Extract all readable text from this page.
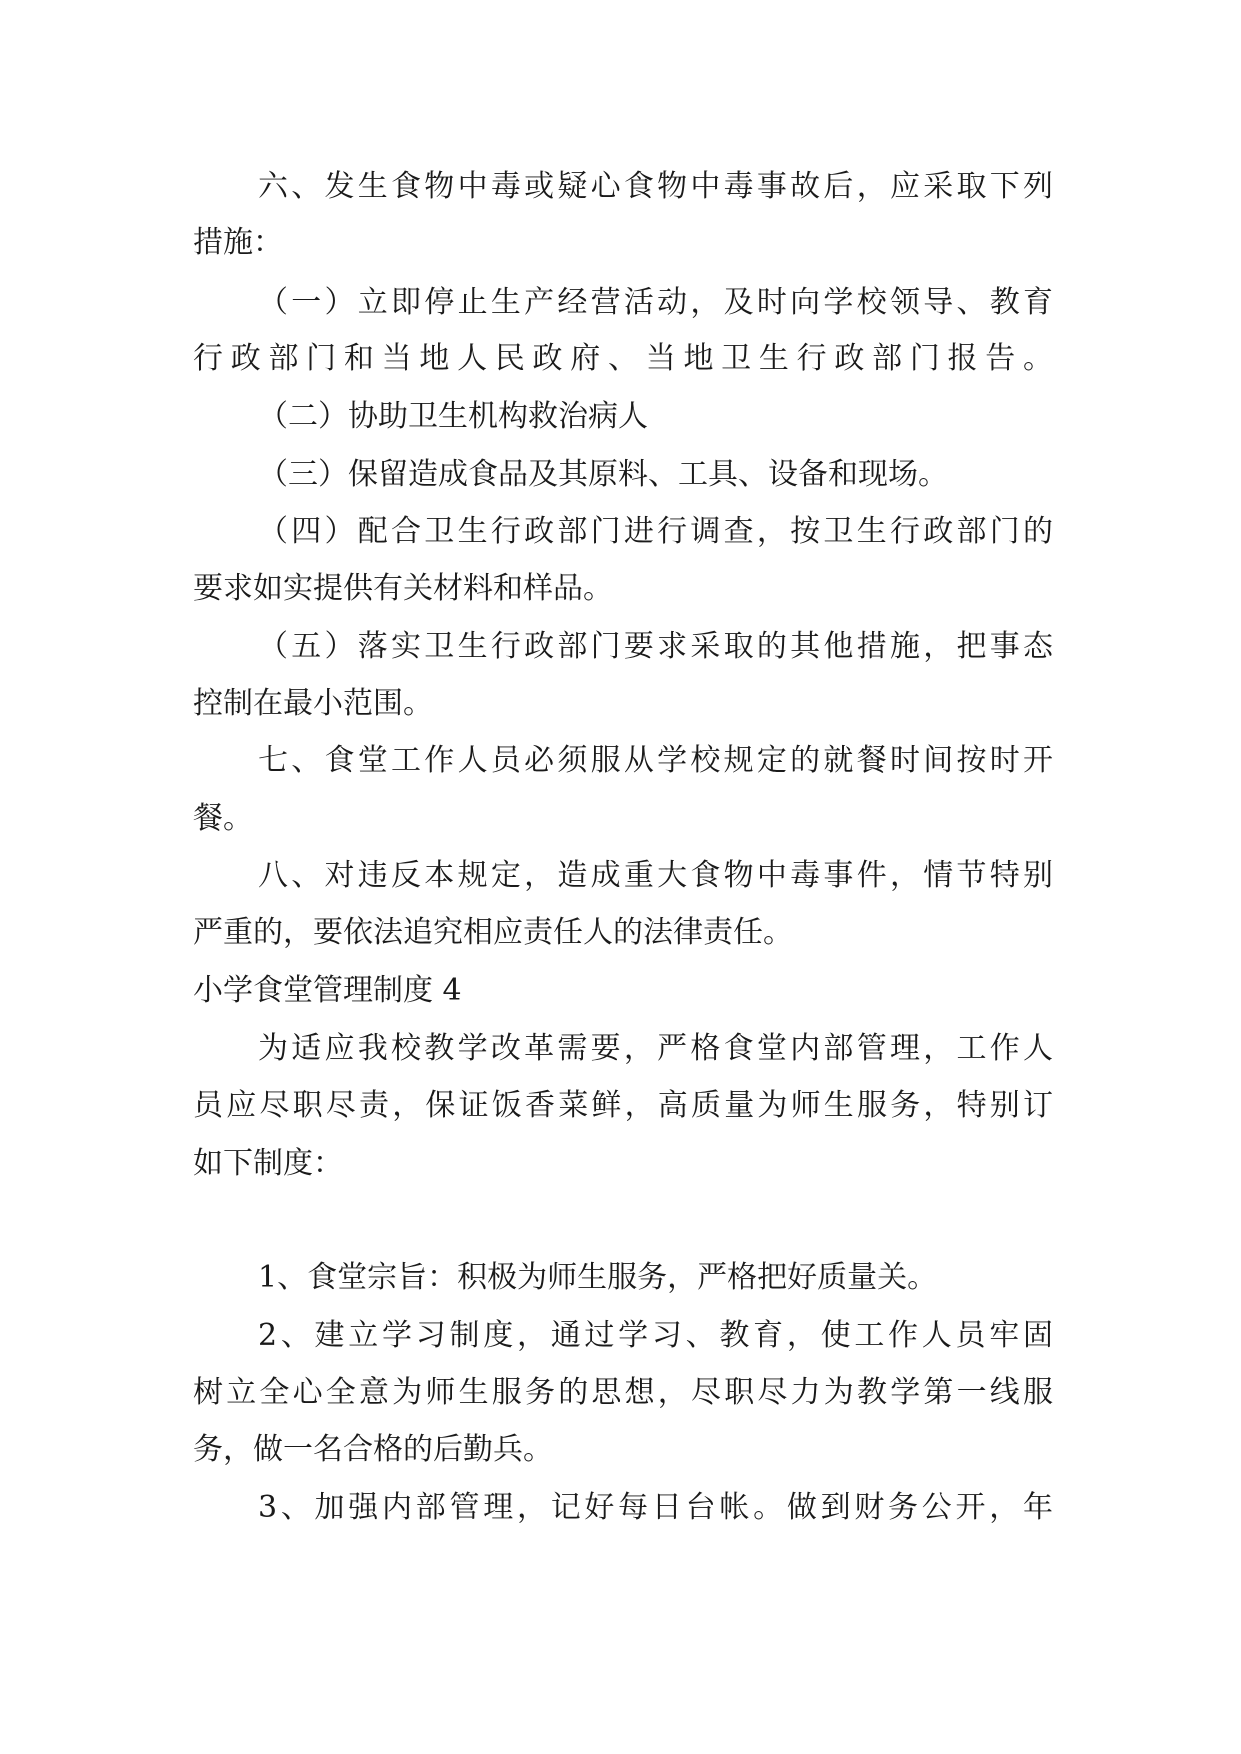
六、发生食物中毒或疑心食物中毒事故后，应采取下列
措施：
（一）立即停止生产经营活动，及时向学校领导、教育
行政部门和当地人民政府、当地卫生行政部门报告。
（二）协助卫生机构救治病人
（三）保留造成食品及其原料、工具、设备和现场。
（四）配合卫生行政部门进行调查，按卫生行政部门的
要求如实提供有关材料和样品。
（五）落实卫生行政部门要求采取的其他措施，把事态
控制在最小范围。
七、食堂工作人员必须服从学校规定的就餐时间按时开
餐。
八、对违反本规定，造成重大食物中毒事件，情节特别
严重的，要依法追究相应责任人的法律责任。
小学食堂管理制度 4
为适应我校教学改革需要，严格食堂内部管理，工作人
员应尽职尽责，保证饭香菜鲜，高质量为师生服务，特别订
如下制度：
1、食堂宗旨：积极为师生服务，严格把好质量关。
2、建立学习制度，通过学习、教育，使工作人员牢固
树立全心全意为师生服务的思想，尽职尽力为教学第一线服
务，做一名合格的后勤兵。
3、加强内部管理，记好每日台帐。做到财务公开，年
